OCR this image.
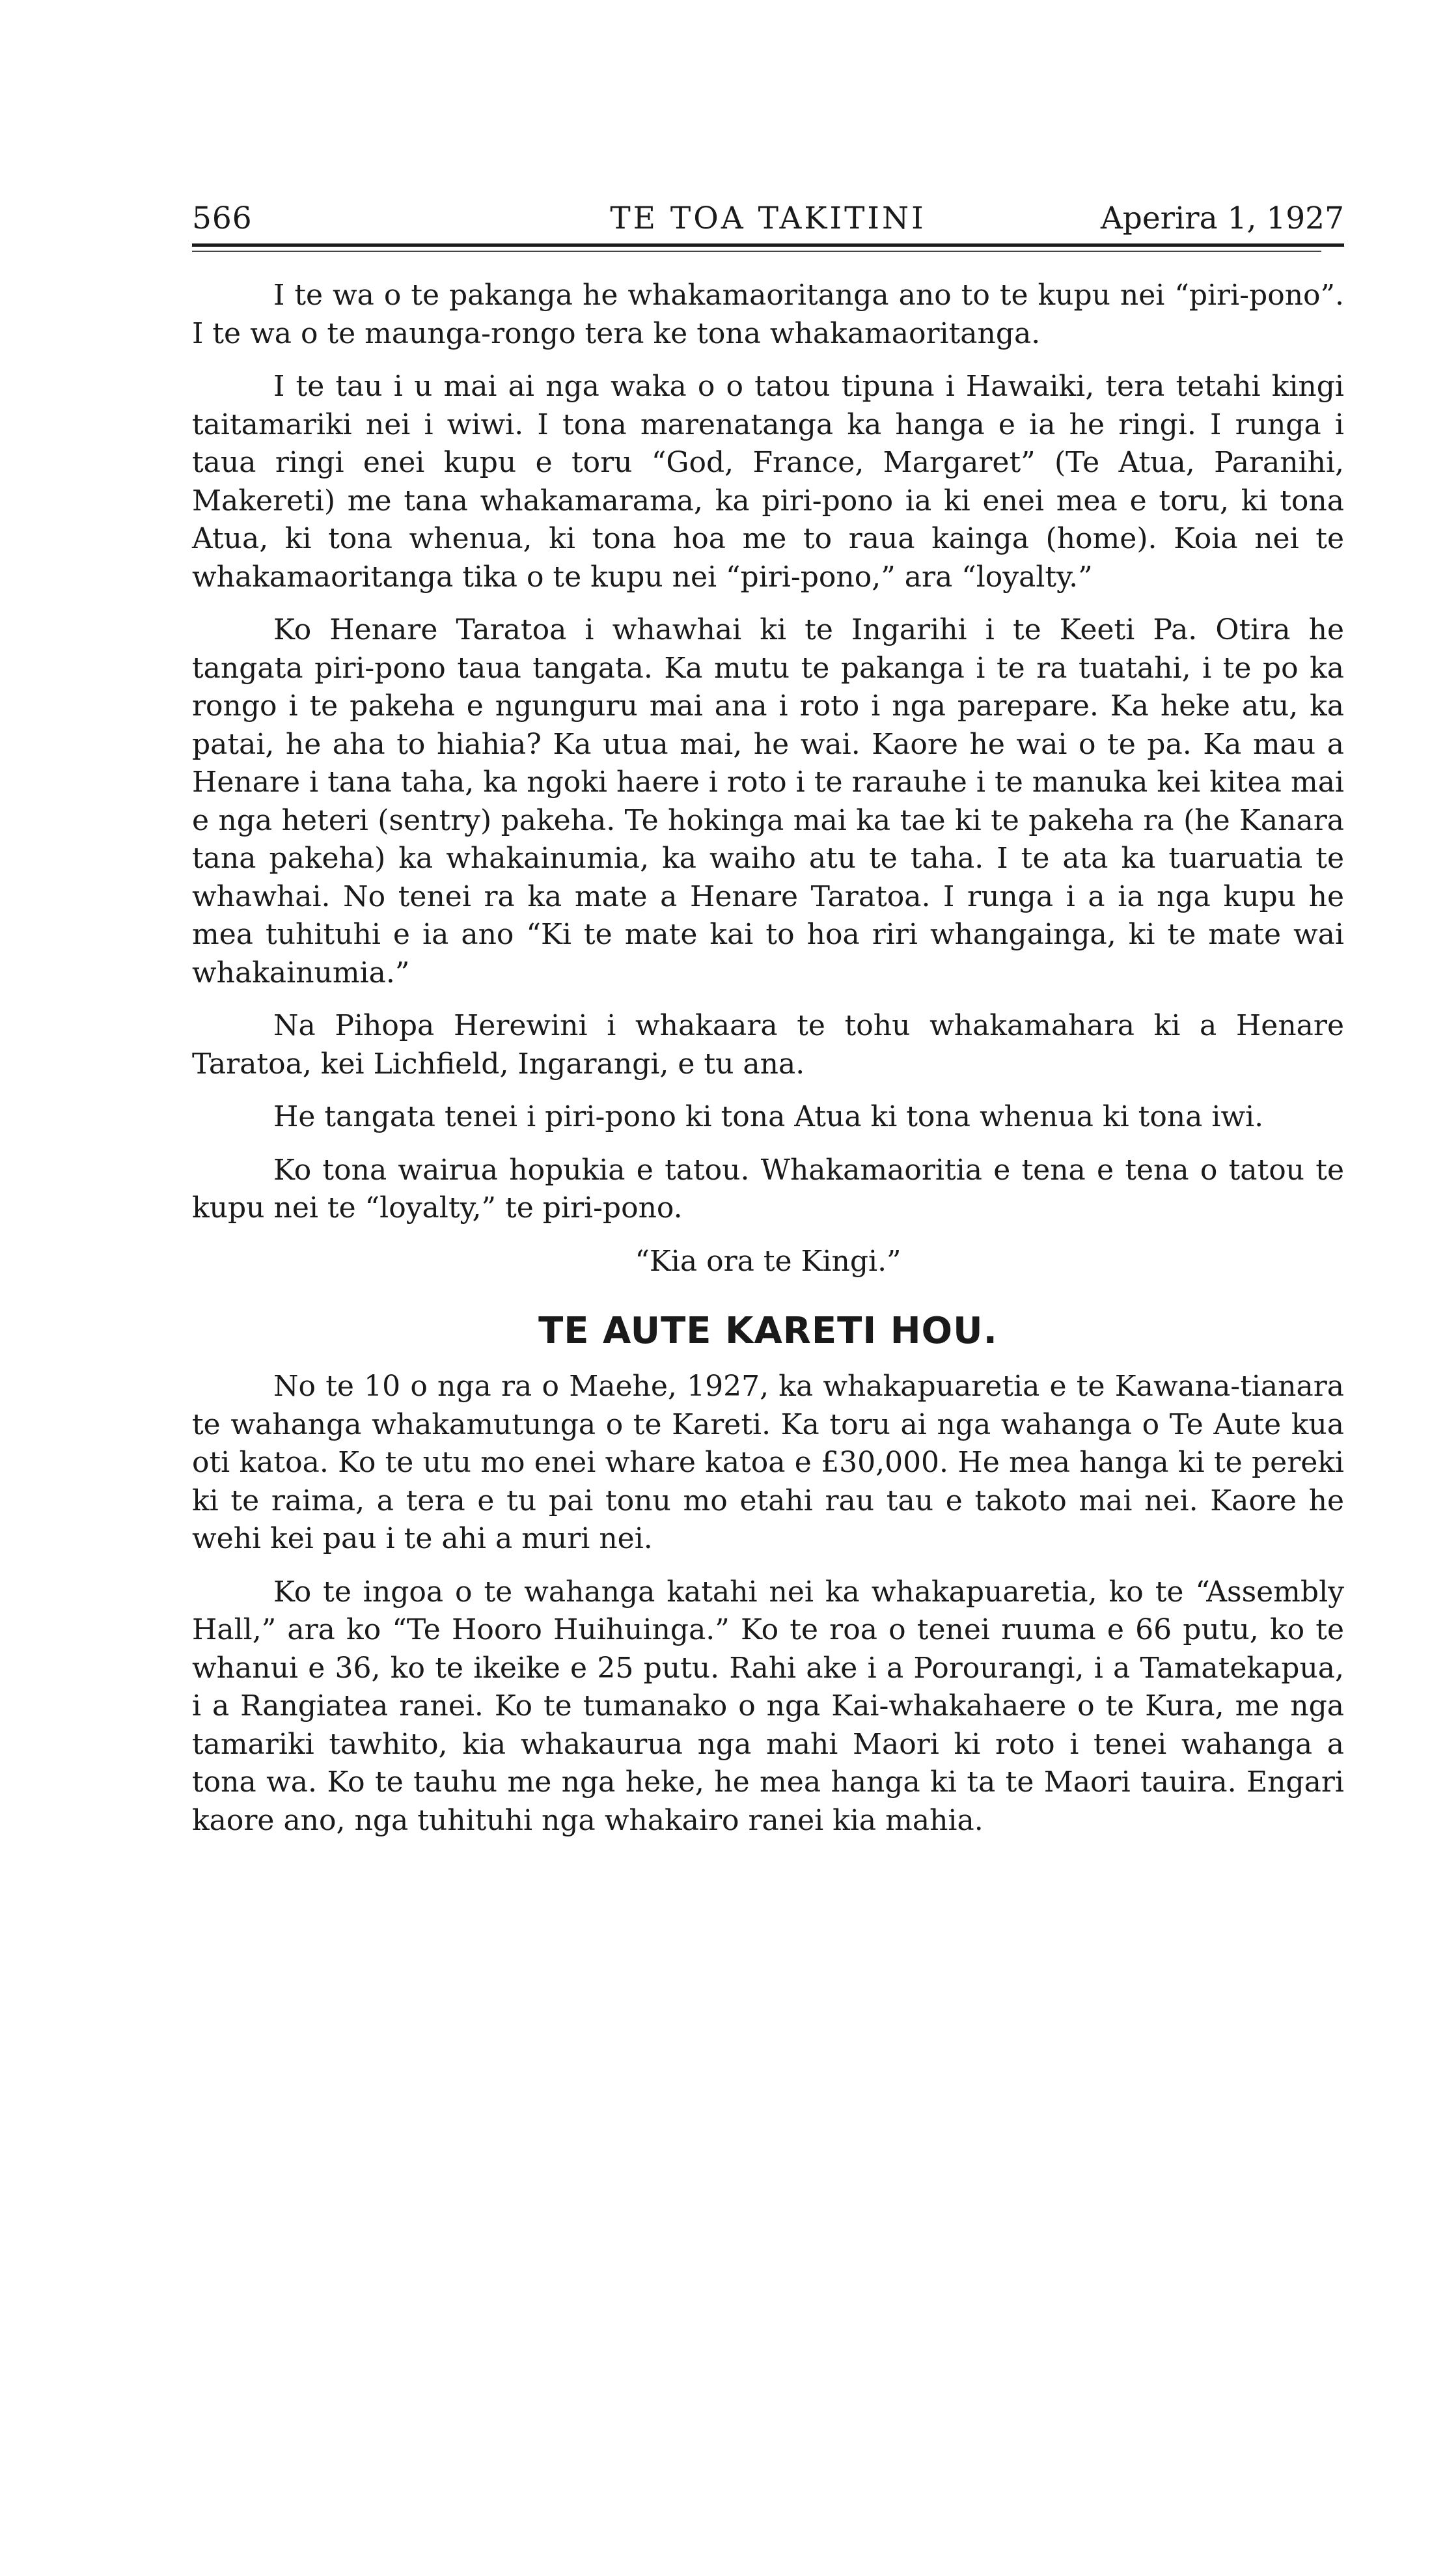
566	TE TOA TAKITINI	Aperira 1, 1927

I te wa o te pakanga he whakamaoritanga ano to te kupu nei “piri-pono”. I te wa o te maunga-rongo tera ke tona whakamaoritanga.

I te tau i u mai ai nga waka o o tatou tipuna i Hawaiki, tera tetahi kingi taitamariki nei i wiwi. I tona marenatanga ka hanga e ia he ringi. I runga i taua ringi enei kupu e toru “God, France, Margaret” (Te Atua, Paranihi, Makereti) me tana whakamarama, ka piri-pono ia ki enei mea e toru, ki tona Atua, ki tona whenua, ki tona hoa me to raua kainga (home). Koia nei te whakamaoritanga tika o te kupu nei “piri-pono,” ara “loyalty.”

Ko Henare Taratoa i whawhai ki te Ingarihi i te Keeti Pa. Otira he tangata piri-pono taua tangata. Ka mutu te pakanga i te ra tuatahi, i te po ka rongo i te pakeha e ngunguru mai ana i roto i nga parepare. Ka heke atu, ka patai, he aha to hiahia? Ka utua mai, he wai. Kaore he wai o te pa. Ka mau a Henare i tana taha, ka ngoki haere i roto i te rarauhe i te manuka kei kitea mai e nga heteri (sentry) pakeha. Te hokinga mai ka tae ki te pakeha ra (he Kanara tana pakeha) ka whakainumia, ka waiho atu te taha. I te ata ka tuaruatia te whawhai. No tenei ra ka mate a Henare Taratoa. I runga i a ia nga kupu he mea tuhituhi e ia ano “Ki te mate kai to hoa riri whangainga, ki te mate wai whakainumia.”

Na Pihopa Herewini i whakaara te tohu whakamahara ki a Henare Taratoa, kei Lichfield, Ingarangi, e tu ana.

He tangata tenei i piri-pono ki tona Atua ki tona whenua ki tona iwi.

Ko tona wairua hopukia e tatou. Whakamaoritia e tena e tena o tatou te kupu nei te “loyalty,” te piri-pono.

“Kia ora te Kingi.”

TE AUTE KARETI HOU.

No te 10 o nga ra o Maehe, 1927, ka whakapuaretia e te Kawana-tianara te wahanga whakamutunga o te Kareti. Ka toru ai nga wahanga o Te Aute kua oti katoa. Ko te utu mo enei whare katoa e £30,000. He mea hanga ki te pereki ki te raima, a tera e tu pai tonu mo etahi rau tau e takoto mai nei. Kaore he wehi kei pau i te ahi a muri nei.

Ko te ingoa o te wahanga katahi nei ka whakapuaretia, ko te “Assembly Hall,” ara ko “Te Hooro Huihuinga.” Ko te roa o tenei ruuma e 66 putu, ko te whanui e 36, ko te ikeike e 25 putu. Rahi ake i a Porourangi, i a Tamatekapua, i a Rangiatea ranei. Ko te tumanako o nga Kai-whakahaere o te Kura, me nga tamariki tawhito, kia whakaurua nga mahi Maori ki roto i tenei wahanga a tona wa. Ko te tauhu me nga heke, he mea hanga ki ta te Maori tauira. Engari kaore ano, nga tuhituhi nga whakairo ranei kia mahia.
